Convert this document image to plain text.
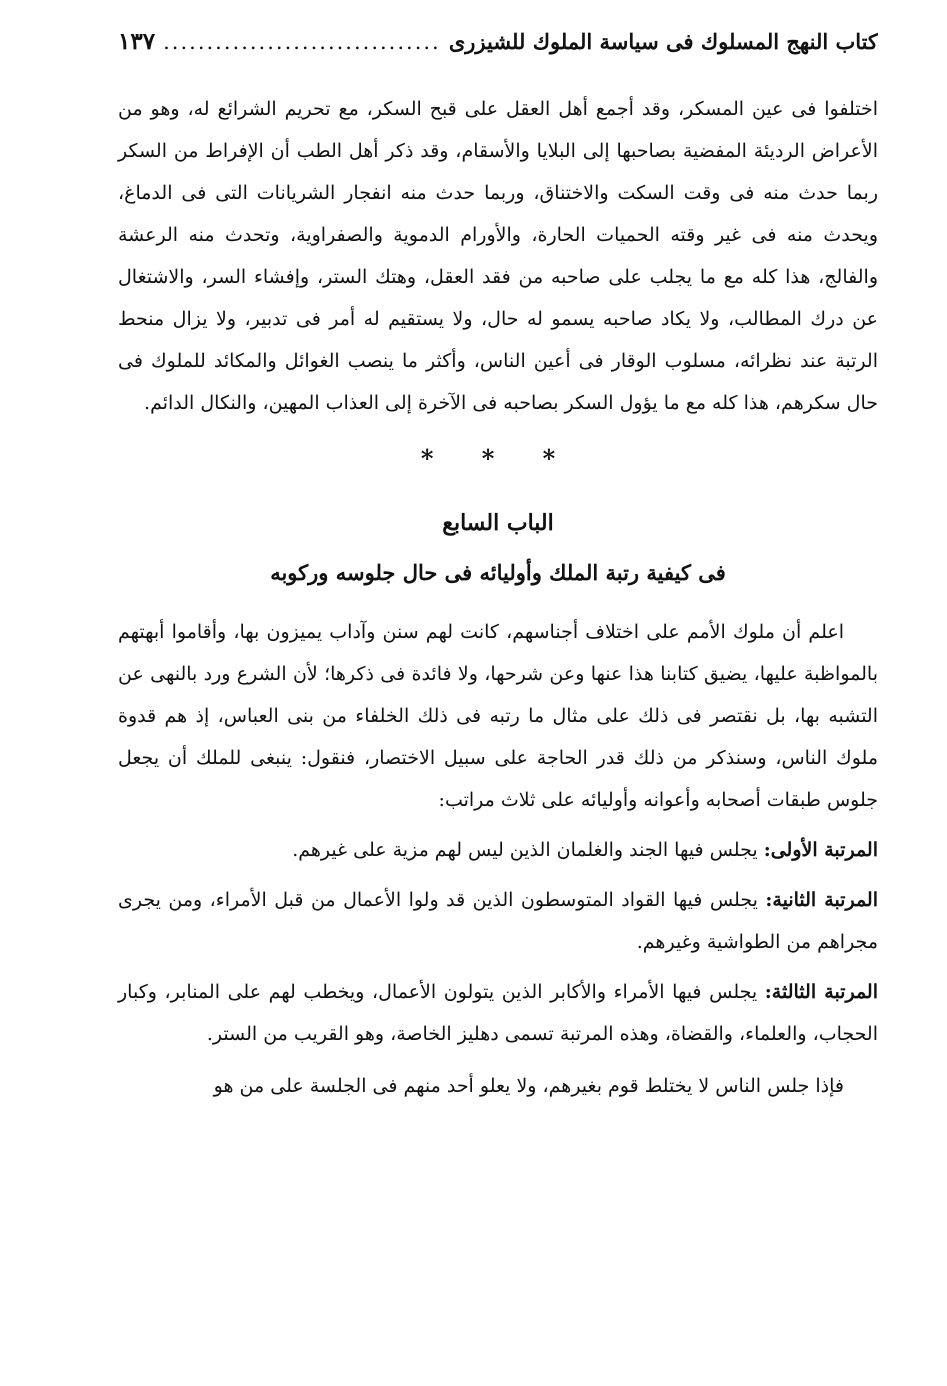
كتاب النهج المسلوك فى سياسة الملوك للشيزرى
................................
١٣٧

اختلفوا فى عين المسكر، وقد أجمع أهل العقل على قبح السكر، مع تحريم الشرائع له، وهو من الأعراض الرديئة المفضية بصاحبها إلى البلايا والأسقام، وقد ذكر أهل الطب أن الإفراط من السكر ربما حدث منه فى وقت السكت والاختناق، وربما حدث منه انفجار الشريانات التى فى الدماغ، ويحدث منه فى غير وقته الحميات الحارة، والأورام الدموية والصفراوية، وتحدث منه الرعشة والفالج، هذا كله مع ما يجلب على صاحبه من فقد العقل، وهتك الستر، وإفشاء السر، والاشتغال عن درك المطالب، ولا يكاد صاحبه يسمو له حال، ولا يستقيم له أمر فى تدبير، ولا يزال منحط الرتبة عند نظرائه، مسلوب الوقار فى أعين الناس، وأكثر ما ينصب الغوائل والمكائد للملوك فى حال سكرهم، هذا كله مع ما يؤول السكر بصاحبه فى الآخرة إلى العذاب المهين، والنكال الدائم.

* * *
الباب السابع
فى كيفية رتبة الملك وأوليائه فى حال جلوسه وركوبه

اعلم أن ملوك الأمم على اختلاف أجناسهم، كانت لهم سنن وآداب يميزون بها، وأقاموا أبهتهم بالمواظبة عليها، يضيق كتابنا هذا عنها وعن شرحها، ولا فائدة فى ذكرها؛ لأن الشرع ورد بالنهى عن التشبه بها، بل نقتصر فى ذلك على مثال ما رتبه فى ذلك الخلفاء من بنى العباس، إذ هم قدوة ملوك الناس، وسنذكر من ذلك قدر الحاجة على سبيل الاختصار، فنقول: ينبغى للملك أن يجعل جلوس طبقات أصحابه وأعوانه وأوليائه على ثلاث مراتب:

المرتبة الأولى: يجلس فيها الجند والغلمان الذين ليس لهم مزية على غيرهم.

المرتبة الثانية: يجلس فيها القواد المتوسطون الذين قد ولوا الأعمال من قبل الأمراء، ومن يجرى مجراهم من الطواشية وغيرهم.

المرتبة الثالثة: يجلس فيها الأمراء والأكابر الذين يتولون الأعمال، ويخطب لهم على المنابر، وكبار الحجاب، والعلماء، والقضاة، وهذه المرتبة تسمى دهليز الخاصة، وهو القريب من الستر.

فإذا جلس الناس لا يختلط قوم بغيرهم، ولا يعلو أحد منهم فى الجلسة على من هو
